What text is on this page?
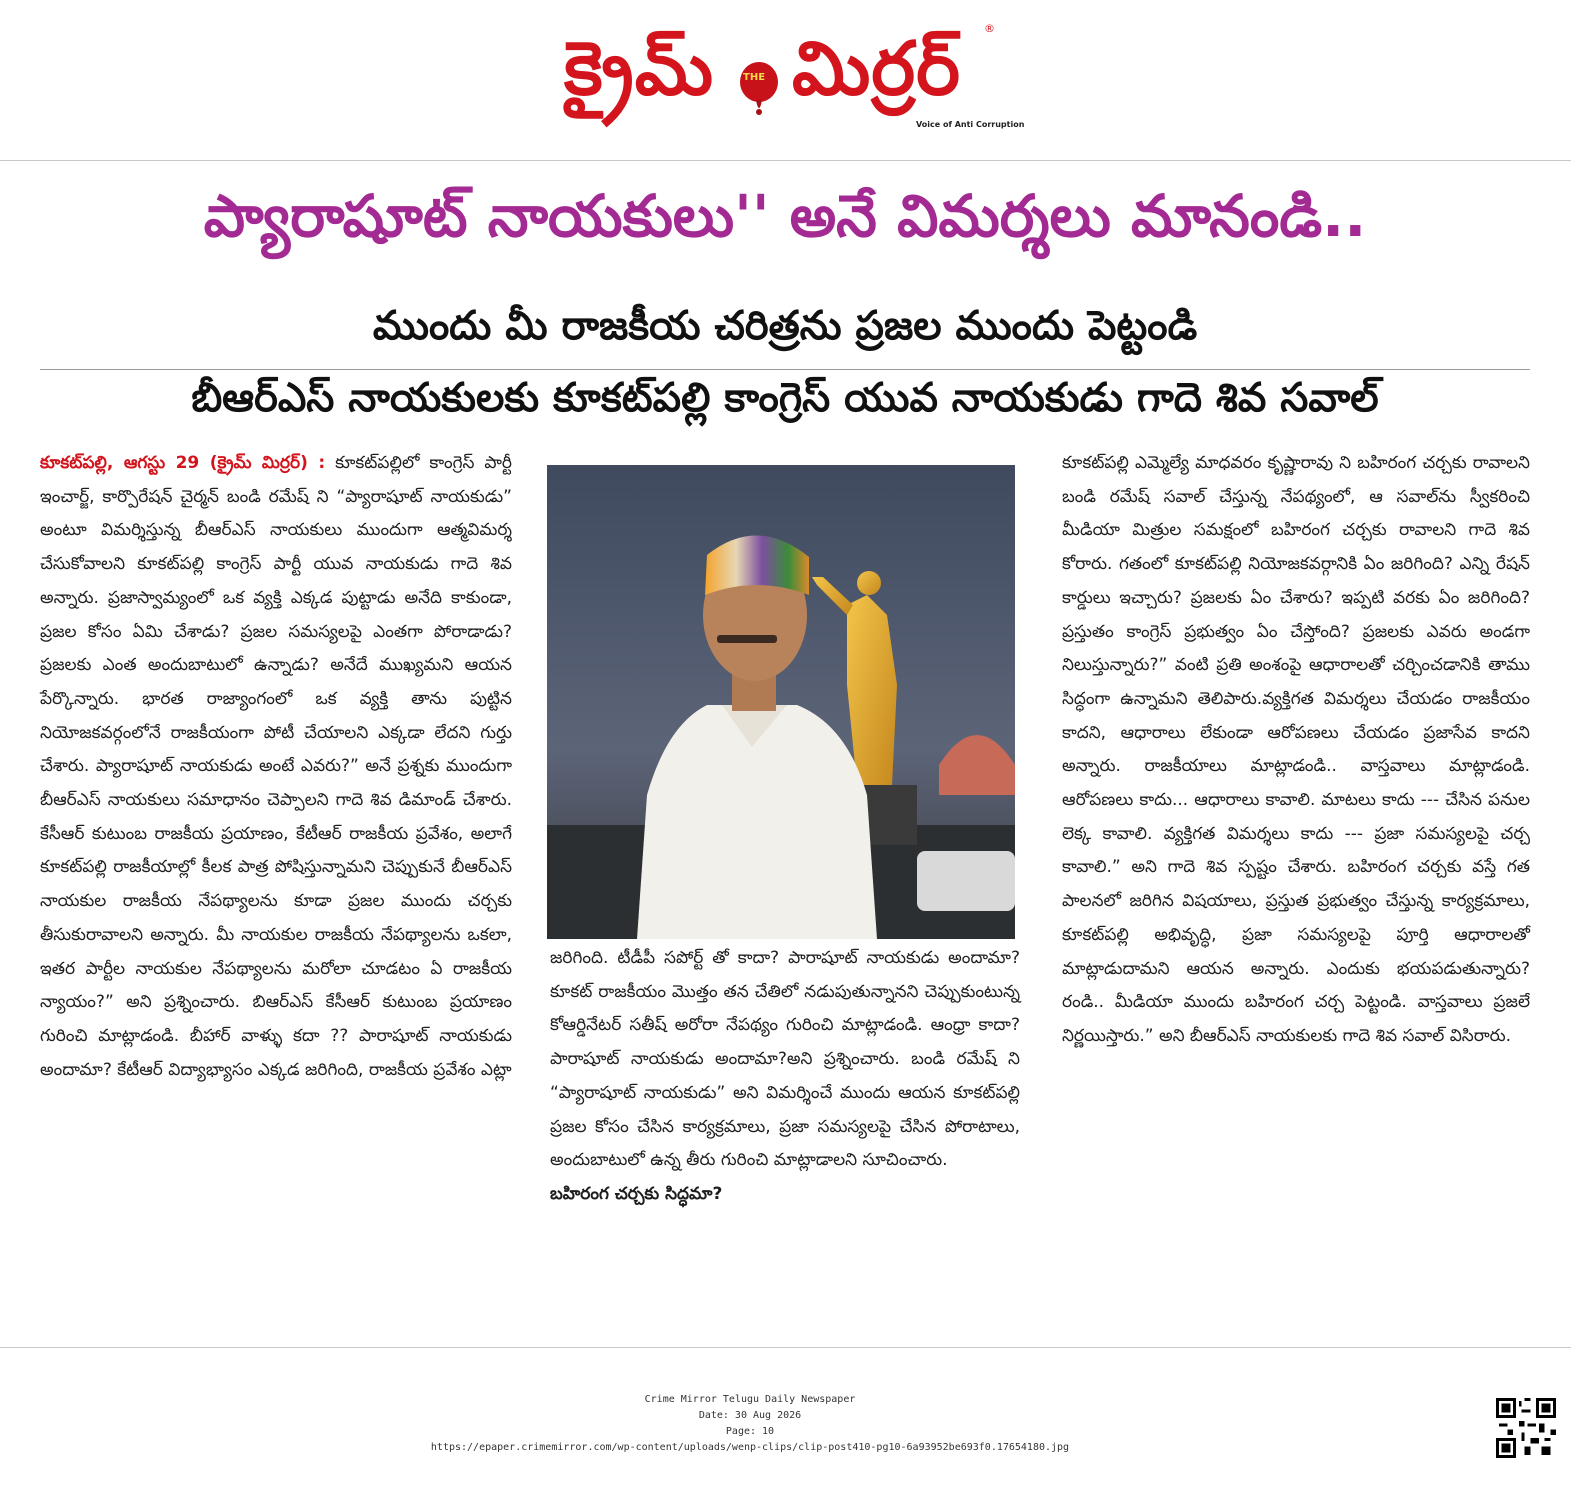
క్రైమ్	THE మిర్రర్ ®
Voice of Anti Corruption
ప్యారాషూట్ నాయకులు'' అనే విమర్శలు మానండి..
ముందు మీ రాజకీయ చరిత్రను ప్రజల ముందు పెట్టండి
బీఆర్ఎస్ నాయకులకు కూకట్‌పల్లి కాంగ్రెస్ యువ నాయకుడు గాదె శివ సవాల్

కూకట్‌పల్లి, ఆగస్టు 29 (క్రైమ్ మిర్రర్) : కూకట్‌పల్లిలో కాంగ్రెస్ పార్టీ ఇంచార్జ్, కార్పొరేషన్ చైర్మన్ బండి రమేష్ ని “ప్యారాషూట్ నాయకుడు” అంటూ విమర్శిస్తున్న బీఆర్ఎస్ నాయకులు ముందుగా ఆత్మవిమర్శ చేసుకోవాలని కూకట్‌పల్లి కాంగ్రెస్ పార్టీ యువ నాయకుడు గాదె శివ అన్నారు. ప్రజాస్వామ్యంలో ఒక వ్యక్తి ఎక్కడ పుట్టాడు అనేది కాకుండా, ప్రజల కోసం ఏమి చేశాడు? ప్రజల సమస్యలపై ఎంతగా పోరాడాడు? ప్రజలకు ఎంత అందుబాటులో ఉన్నాడు? అనేదే ముఖ్యమని ఆయన పేర్కొన్నారు. భారత రాజ్యాంగంలో ఒక వ్యక్తి తాను పుట్టిన నియోజకవర్గంలోనే రాజకీయంగా పోటీ చేయాలని ఎక్కడా లేదని గుర్తు చేశారు. ప్యారాషూట్ నాయకుడు అంటే ఎవరు?” అనే ప్రశ్నకు ముందుగా బీఆర్ఎస్ నాయకులు సమాధానం చెప్పాలని గాదె శివ డిమాండ్ చేశారు. కేసీఆర్ కుటుంబ రాజకీయ ప్రయాణం, కేటీఆర్ రాజకీయ ప్రవేశం, అలాగే కూకట్‌పల్లి రాజకీయాల్లో కీలక పాత్ర పోషిస్తున్నామని చెప్పుకునే బీఆర్ఎస్ నాయకుల రాజకీయ నేపథ్యాలను కూడా ప్రజల ముందు చర్చకు తీసుకురావాలని అన్నారు. మీ నాయకుల రాజకీయ నేపథ్యాలను ఒకలా, ఇతర పార్టీల నాయకుల నేపథ్యాలను మరోలా చూడటం ఏ రాజకీయ న్యాయం?” అని ప్రశ్నించారు. బిఆర్ఎస్ కేసీఆర్ కుటుంబ ప్రయాణం గురించి మాట్లాడండి. బీహార్ వాళ్ళు కదా ?? పారాషూట్ నాయకుడు అందామా? కేటీఆర్ విద్యాభ్యాసం ఎక్కడ జరిగింది, రాజకీయ ప్రవేశం ఎట్లా

జరిగింది. టీడీపీ సపోర్ట్ తో కాదా? పారాషూట్ నాయకుడు అందామా? కూకట్ రాజకీయం మొత్తం తన చేతిలో నడుపుతున్నానని చెప్పుకుంటున్న కోఆర్డినేటర్ సతీష్ అరోరా నేపథ్యం గురించి మాట్లాడండి. ఆంధ్రా కాదా? పారాషూట్ నాయకుడు అందామా?అని ప్రశ్నించారు. బండి రమేష్ ని “ప్యారాషూట్ నాయకుడు” అని విమర్శించే ముందు ఆయన కూకట్‌పల్లి ప్రజల కోసం చేసిన కార్యక్రమాలు, ప్రజా సమస్యలపై చేసిన పోరాటాలు, అందుబాటులో ఉన్న తీరు గురించి మాట్లాడాలని సూచించారు.

బహిరంగ చర్చకు సిద్ధమా?

కూకట్‌పల్లి ఎమ్మెల్యే మాధవరం కృష్ణారావు ని బహిరంగ చర్చకు రావాలని బండి రమేష్ సవాల్ చేస్తున్న నేపథ్యంలో, ఆ సవాల్‌ను స్వీకరించి మీడియా మిత్రుల సమక్షంలో బహిరంగ చర్చకు రావాలని గాదె శివ కోరారు. గతంలో కూకట్‌పల్లి నియోజకవర్గానికి ఏం జరిగింది? ఎన్ని రేషన్ కార్డులు ఇచ్చారు? ప్రజలకు ఏం చేశారు? ఇప్పటి వరకు ఏం జరిగింది? ప్రస్తుతం కాంగ్రెస్ ప్రభుత్వం ఏం చేస్తోంది? ప్రజలకు ఎవరు అండగా నిలుస్తున్నారు?” వంటి ప్రతి అంశంపై ఆధారాలతో చర్చించడానికి తాము సిద్ధంగా ఉన్నామని తెలిపారు.వ్యక్తిగత విమర్శలు చేయడం రాజకీయం కాదని, ఆధారాలు లేకుండా ఆరోపణలు చేయడం ప్రజాసేవ కాదని అన్నారు. రాజకీయాలు మాట్లాడండి.. వాస్తవాలు మాట్లాడండి. ఆరోపణలు కాదు... ఆధారాలు కావాలి. మాటలు కాదు --- చేసిన పనుల లెక్క కావాలి. వ్యక్తిగత విమర్శలు కాదు --- ప్రజా సమస్యలపై చర్చ కావాలి.” అని గాదె శివ స్పష్టం చేశారు. బహిరంగ చర్చకు వస్తే గత పాలనలో జరిగిన విషయాలు, ప్రస్తుత ప్రభుత్వం చేస్తున్న కార్యక్రమాలు, కూకట్‌పల్లి అభివృద్ధి, ప్రజా సమస్యలపై పూర్తి ఆధారాలతో మాట్లాడుదామని ఆయన అన్నారు. ఎందుకు భయపడుతున్నారు? రండి.. మీడియా ముందు బహిరంగ చర్చ పెట్టండి. వాస్తవాలు ప్రజలే నిర్ణయిస్తారు.” అని బీఆర్ఎస్ నాయకులకు గాదె శివ సవాల్ విసిరారు.

Crime Mirror Telugu Daily Newspaper
Date: 30 Aug 2026
Page: 10
https://epaper.crimemirror.com/wp-content/uploads/wenp-clips/clip-post410-pg10-6a93952be693f0.17654180.jpg
